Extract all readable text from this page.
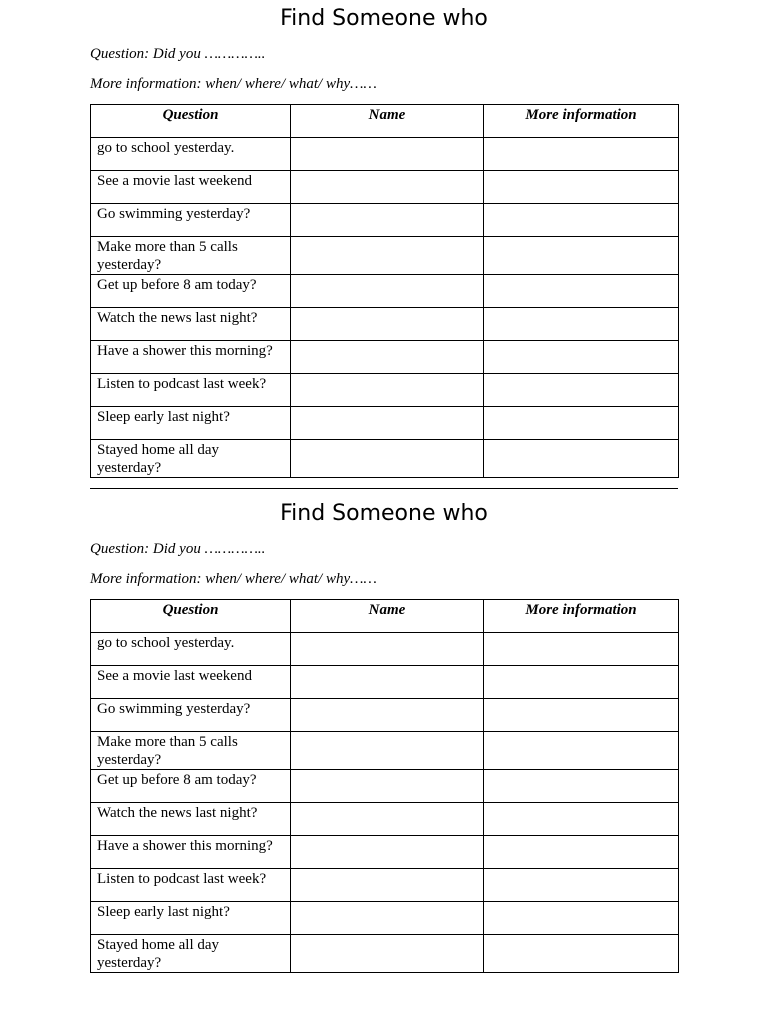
Find Someone who
Question: Did you …………..
More information: when/ where/ what/ why……
Question	Name	More information
go to school yesterday.		
See a movie last weekend		
Go swimming yesterday?		
Make more than 5 calls yesterday?		
Get up before 8 am today?		
Watch the news last night?		
Have a shower this morning?		
Listen to podcast last week?		
Sleep early last night?		
Stayed home all day yesterday?		
Find Someone who
Question: Did you …………..
More information: when/ where/ what/ why……
Question	Name	More information
go to school yesterday.		
See a movie last weekend		
Go swimming yesterday?		
Make more than 5 calls yesterday?		
Get up before 8 am today?		
Watch the news last night?		
Have a shower this morning?		
Listen to podcast last week?		
Sleep early last night?		
Stayed home all day yesterday?		
